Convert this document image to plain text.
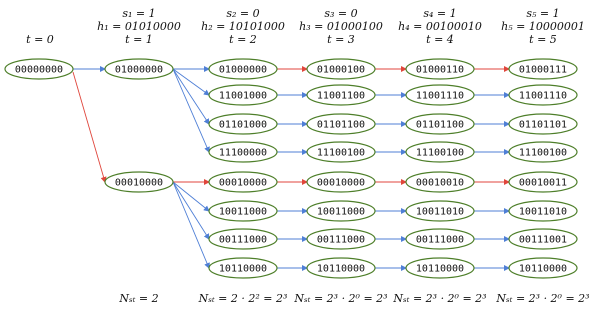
00000000	01000000
00010000
01000000
11001000
01101000
11100000
00010000
10011000
00111000
10110000
01000100
11001100
01101100
11100100
00010000
10011000
00111000
10110000
01000110
11001110
01101100
11100100
00010010
10011010
00111000
10110000
01000111
11001110
01101101
11100100
00010011
10011010
00111001
10110000
t = 0
s₁ = 1
h₁ = 01010000
t = 1
s₂ = 0
h₂ = 10101000
t = 2
s₃ = 0
h₃ = 01000100
t = 3
s₄ = 1
h₄ = 00100010
t = 4
s₅ = 1
h₅ = 10000001
t = 5
Nₛₜ = 2	Nₛₜ = 2 · 2² = 2³ Nₛₜ = 2³ · 2⁰ = 2³ Nₛₜ = 2³ · 2⁰ = 2³ Nₛₜ = 2³ · 2⁰ = 2³
